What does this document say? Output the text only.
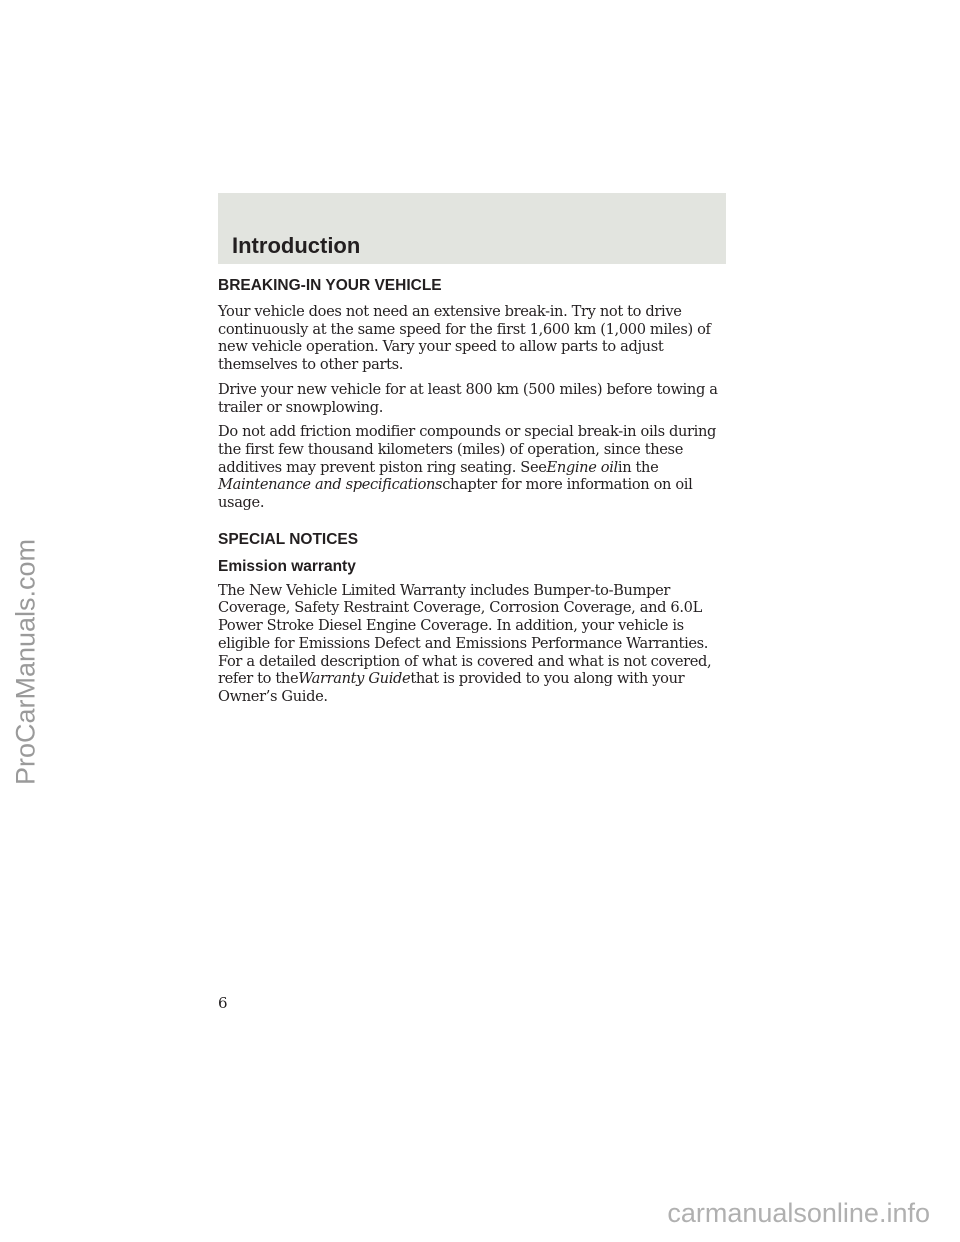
Introduction
BREAKING-IN YOUR VEHICLE

Your vehicle does not need an extensive break-in. Try not to drive continuously at the same speed for the first 1,600 km (1,000 miles) of new vehicle operation. Vary your speed to allow parts to adjust themselves to other parts.

Drive your new vehicle for at least 800 km (500 miles) before towing a trailer or snowplowing.

Do not add friction modifier compounds or special break-in oils during the first few thousand kilometers (miles) of operation, since these additives may prevent piston ring seating. SeeEngine oilin the Maintenance and specificationschapter for more information on oil usage.

SPECIAL NOTICES
Emission warranty

The New Vehicle Limited Warranty includes Bumper-to-Bumper Coverage, Safety Restraint Coverage, Corrosion Coverage, and 6.0L Power Stroke Diesel Engine Coverage. In addition, your vehicle is eligible for Emissions Defect and Emissions Performance Warranties. For a detailed description of what is covered and what is not covered, refer to theWarranty Guidethat is provided to you along with your Owner’s Guide.

6

ProCarManuals.com

carmanualsonline.info
